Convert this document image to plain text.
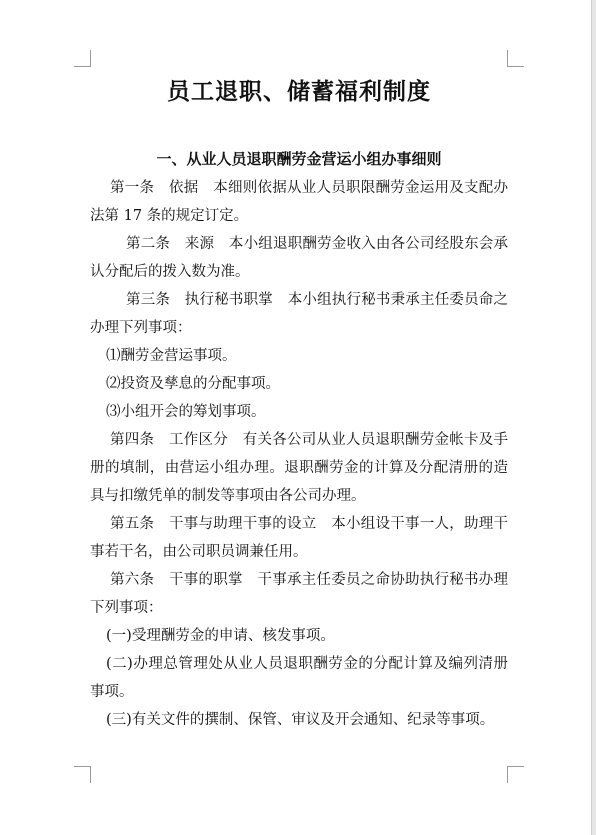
员工退职、储蓄福利制度
一、从业人员退职酬劳金营运小组办事细则

第一条　依据　本细则依据从业人员职限酬劳金运用及支配办法第 17 条的规定订定。

第二条　来源　本小组退职酬劳金收入由各公司经股东会承认分配后的拨入数为准。

第三条　执行秘书职掌　本小组执行秘书秉承主任委员命之办理下列事项：

⑴酬劳金营运事项。

⑵投资及孳息的分配事项。

⑶小组开会的筹划事项。

第四条　工作区分　有关各公司从业人员退职酬劳金帐卡及手册的填制，由营运小组办理。退职酬劳金的计算及分配清册的造具与扣缴凭单的制发等事项由各公司办理。

第五条　干事与助理干事的设立　本小组设干事一人，助理干事若干名，由公司职员调兼任用。

第六条　干事的职掌　干事承主任委员之命协助执行秘书办理下列事项：

(一)受理酬劳金的申请、核发事项。

(二)办理总管理处从业人员退职酬劳金的分配计算及编列清册事项。

(三)有关文件的撰制、保管、审议及开会通知、纪录等事项。
